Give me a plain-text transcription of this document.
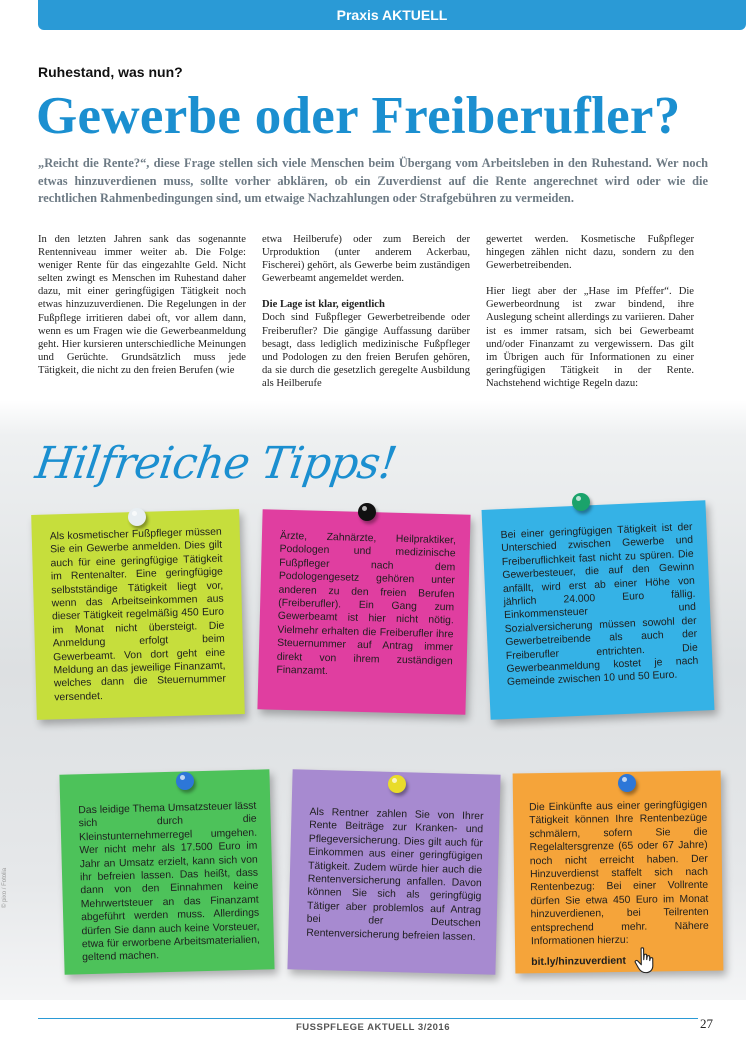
Praxis AKTUELL
Ruhestand, was nun?
Gewerbe oder Freiberufler?

„Reicht die Rente?“, diese Frage stellen sich viele Menschen beim Übergang vom Arbeitsleben in den Ruhestand. Wer noch etwas hinzuverdienen muss, sollte vorher abklären, ob ein Zuverdienst auf die Rente angerechnet wird oder wie die rechtlichen Rahmenbedingungen sind, um etwaige Nachzahlungen oder Strafgebühren zu vermeiden.

In den letzten Jahren sank das sogenannte Rentenniveau immer weiter ab. Die Folge: weniger Rente für das eingezahlte Geld. Nicht selten zwingt es Menschen im Ruhestand daher dazu, mit einer geringfügigen Tätigkeit noch etwas hinzuzuverdienen. Die Regelungen in der Fußpflege irritieren dabei oft, vor allem dann, wenn es um Fragen wie die Gewerbeanmeldung geht. Hier kursieren unterschiedliche Meinungen und Gerüchte. Grundsätzlich muss jede Tätigkeit, die nicht zu den freien Berufen (wie

etwa Heilberufe) oder zum Bereich der Urproduktion (unter anderem Ackerbau, Fischerei) gehört, als Gewerbe beim zuständigen Gewerbeamt angemeldet werden.

Die Lage ist klar, eigentlich

Doch sind Fußpfleger Gewerbetreibende oder Freiberufler? Die gängige Auffassung darüber besagt, dass lediglich medizinische Fußpfleger und Podologen zu den freien Berufen gehören, da sie durch die gesetzlich geregelte Ausbildung als Heilberufe

gewertet werden. Kosmetische Fußpfleger hingegen zählen nicht dazu, sondern zu den Gewerbetreibenden.

Hier liegt aber der „Hase im Pfeffer“. Die Gewerbeordnung ist zwar bindend, ihre Auslegung scheint allerdings zu variieren. Daher ist es immer ratsam, sich bei Gewerbeamt und/oder Finanzamt zu vergewissern. Das gilt im Übrigen auch für Informationen zu einer geringfügigen Tätigkeit in der Rente. Nachstehend wichtige Regeln dazu:

Hilfreiche Tipps!
Als kosmetischer Fußpfleger müssen Sie ein Gewerbe anmelden. Dies gilt auch für eine geringfügige Tätigkeit im Rentenalter. Eine geringfügige selbstständige Tätigkeit liegt vor, wenn das Arbeitseinkommen aus dieser Tätigkeit regelmäßig 450 Euro im Monat nicht übersteigt. Die Anmeldung erfolgt beim Gewerbeamt. Von dort geht eine Meldung an das jeweilige Finanzamt, welches dann die Steuernummer versendet.
Ärzte, Zahnärzte, Heilpraktiker, Podologen und medizinische Fußpfleger nach dem Podologengesetz gehören unter anderen zu den freien Berufen (Freiberufler). Ein Gang zum Gewerbeamt ist hier nicht nötig. Vielmehr erhalten die Freiberufler ihre Steuernummer auf Antrag immer direkt von ihrem zuständigen Finanzamt.
Bei einer geringfügigen Tätigkeit ist der Unterschied zwischen Gewerbe und Freiberuflichkeit fast nicht zu spüren. Die Gewerbesteuer, die auf den Gewinn anfällt, wird erst ab einer Höhe von jährlich 24.000 Euro fällig. Einkommensteuer und Sozialversicherung müssen sowohl der Gewerbetreibende als auch der Freiberufler entrichten. Die Gewerbeanmeldung kostet je nach Gemeinde zwischen 10 und 50 Euro.
Das leidige Thema Umsatzsteuer lässt sich durch die Kleinstunternehmerregel umgehen. Wer nicht mehr als 17.500 Euro im Jahr an Umsatz erzielt, kann sich von ihr befreien lassen. Das heißt, dass dann von den Einnahmen keine Mehrwertsteuer an das Finanzamt abgeführt werden muss. Allerdings dürfen Sie dann auch keine Vorsteuer, etwa für erworbene Arbeitsmaterialien, geltend machen.
Als Rentner zahlen Sie von Ihrer Rente Beiträge zur Kranken- und Pflegeversicherung. Dies gilt auch für Einkommen aus einer geringfügigen Tätigkeit. Zudem würde hier auch die Rentenversicherung anfallen. Davon können Sie sich als geringfügig Tätiger aber problemlos auf Antrag bei der Deutschen Rentenversicherung befreien lassen.
Die Einkünfte aus einer geringfügigen Tätigkeit können Ihre Rentenbezüge schmälern, sofern Sie die Regelaltersgrenze (65 oder 67 Jahre) noch nicht erreicht haben. Der Hinzuverdienst staffelt sich nach Rentenbezug: Bei einer Vollrente dürfen Sie etwa 450 Euro im Monat hinzuverdienen, bei Teilrenten entsprechend mehr. Nähere Informationen hierzu:
bit.ly/hinzuverdient
© pixo / Fotolia
FUSSPFLEGE AKTUELL 3/2016	27
